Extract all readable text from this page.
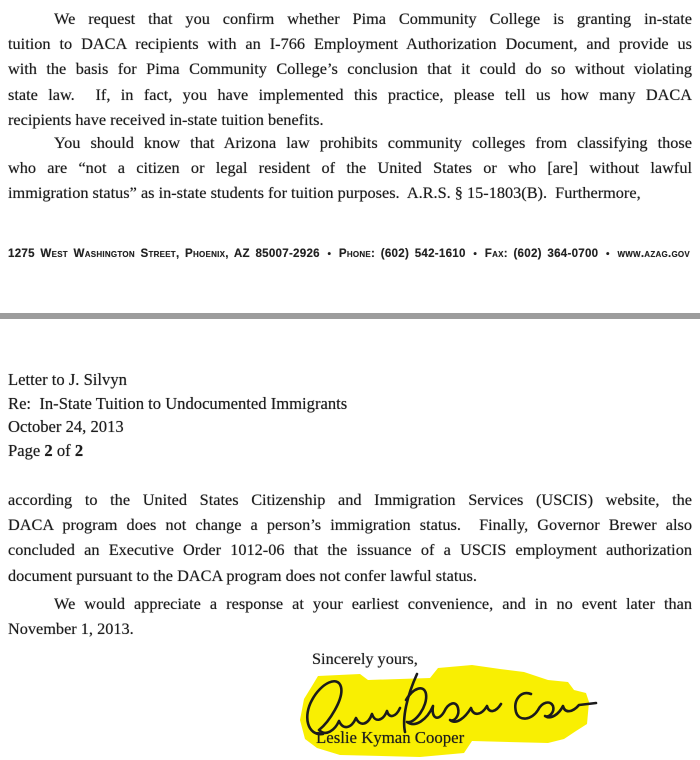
We request that you confirm whether Pima Community College is granting in-state
tuition to DACA recipients with an I-766 Employment Authorization Document, and provide us
with the basis for Pima Community College’s conclusion that it could do so without violating
state law.  If, in fact, you have implemented this practice, please tell us how many DACA
recipients have received in-state tuition benefits.
You should know that Arizona law prohibits community colleges from classifying those
who are “not a citizen or legal resident of the United States or who [are] without lawful
immigration status” as in-state students for tuition purposes.  A.R.S. § 15-1803(B).  Furthermore,
1275 West Washington Street, Phoenix, AZ 85007-2926 • Phone: (602) 542-1610 • Fax: (602) 364-0700 • www.azag.gov
Letter to J. Silvyn
Re:  In-State Tuition to Undocumented Immigrants
October 24, 2013
Page 2 of 2
according to the United States Citizenship and Immigration Services (USCIS) website, the
DACA program does not change a person’s immigration status.  Finally, Governor Brewer also
concluded an Executive Order 1012-06 that the issuance of a USCIS employment authorization
document pursuant to the DACA program does not confer lawful status.
We would appreciate a response at your earliest convenience, and in no event later than
November 1, 2013.
Sincerely yours,
Leslie Kyman Cooper
